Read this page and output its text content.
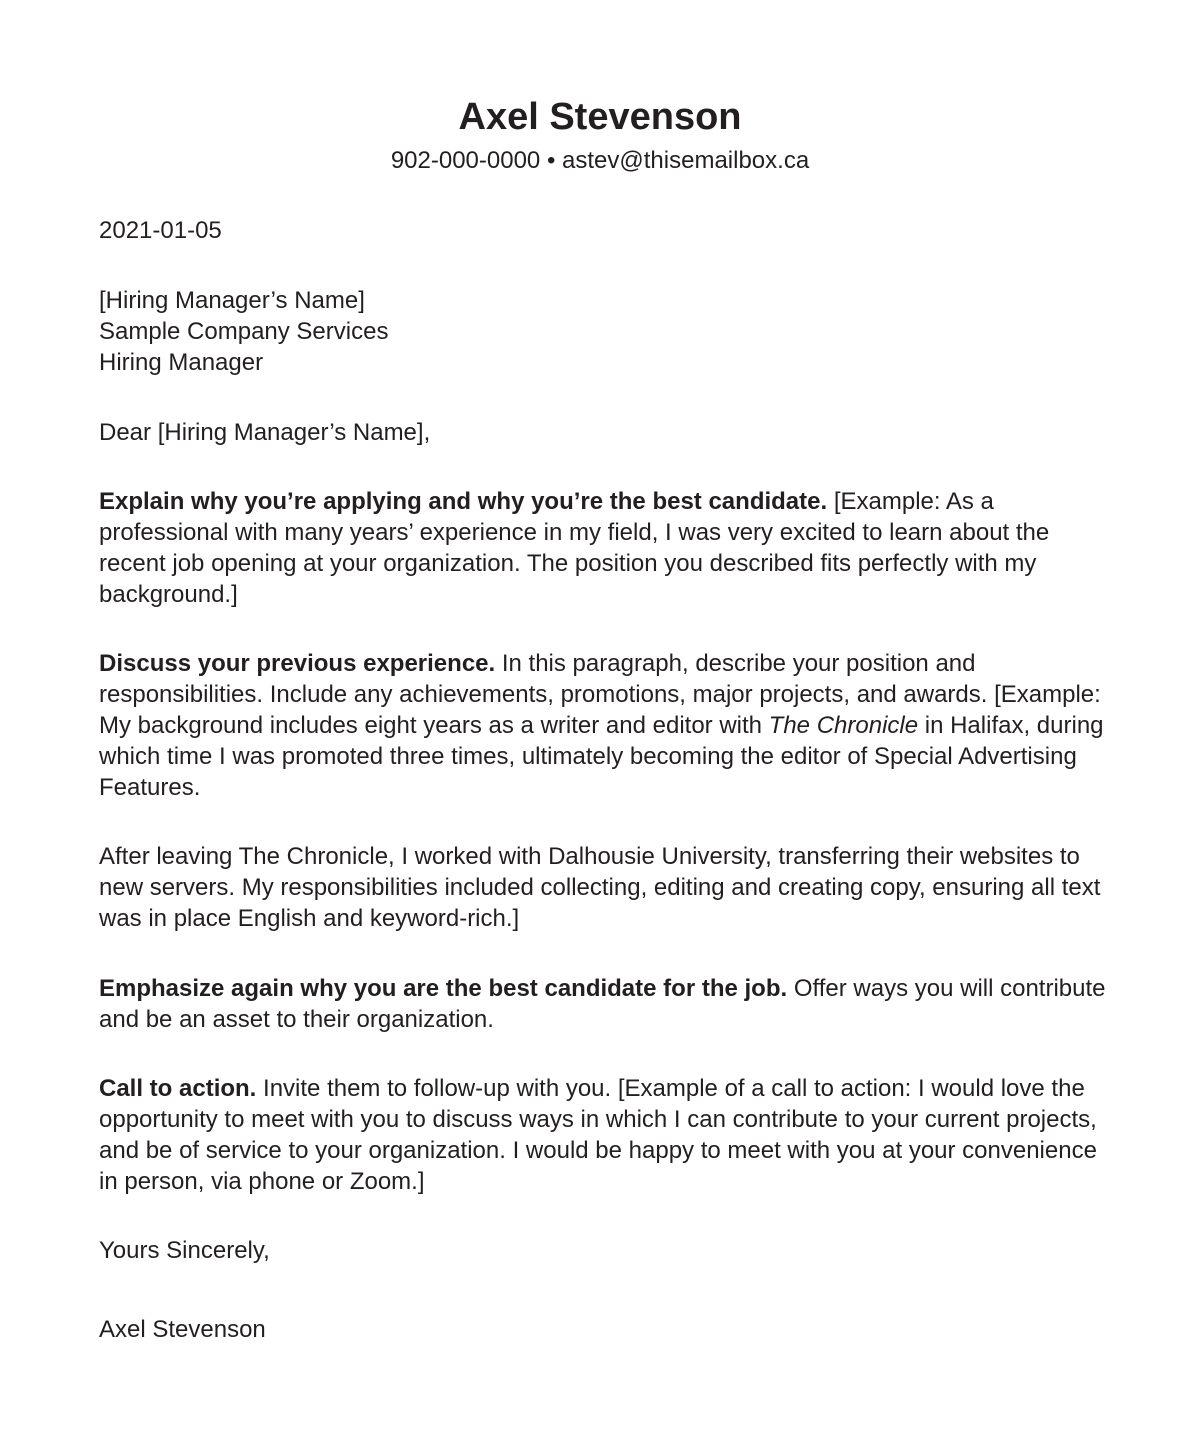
Axel Stevenson
902-000-0000 • astev@thisemailbox.ca

2021-01-05

[Hiring Manager’s Name]
Sample Company Services
Hiring Manager

Dear [Hiring Manager’s Name],

Explain why you’re applying and why you’re the best candidate. [Example: As a professional with many years’ experience in my field, I was very excited to learn about the recent job opening at your organization. The position you described fits perfectly with my background.]

Discuss your previous experience. In this paragraph, describe your position and responsibilities. Include any achievements, promotions, major projects, and awards. [Example: My background includes eight years as a writer and editor with The Chronicle in Halifax, during which time I was promoted three times, ultimately becoming the editor of Special Advertising Features.

After leaving The Chronicle, I worked with Dalhousie University, transferring their websites to new servers. My responsibilities included collecting, editing and creating copy, ensuring all text was in place English and keyword-rich.]

Emphasize again why you are the best candidate for the job. Offer ways you will contribute and be an asset to their organization.

Call to action. Invite them to follow-up with you. [Example of a call to action: I would love the opportunity to meet with you to discuss ways in which I can contribute to your current projects, and be of service to your organization. I would be happy to meet with you at your convenience in person, via phone or Zoom.]

Yours Sincerely,

Axel Stevenson
